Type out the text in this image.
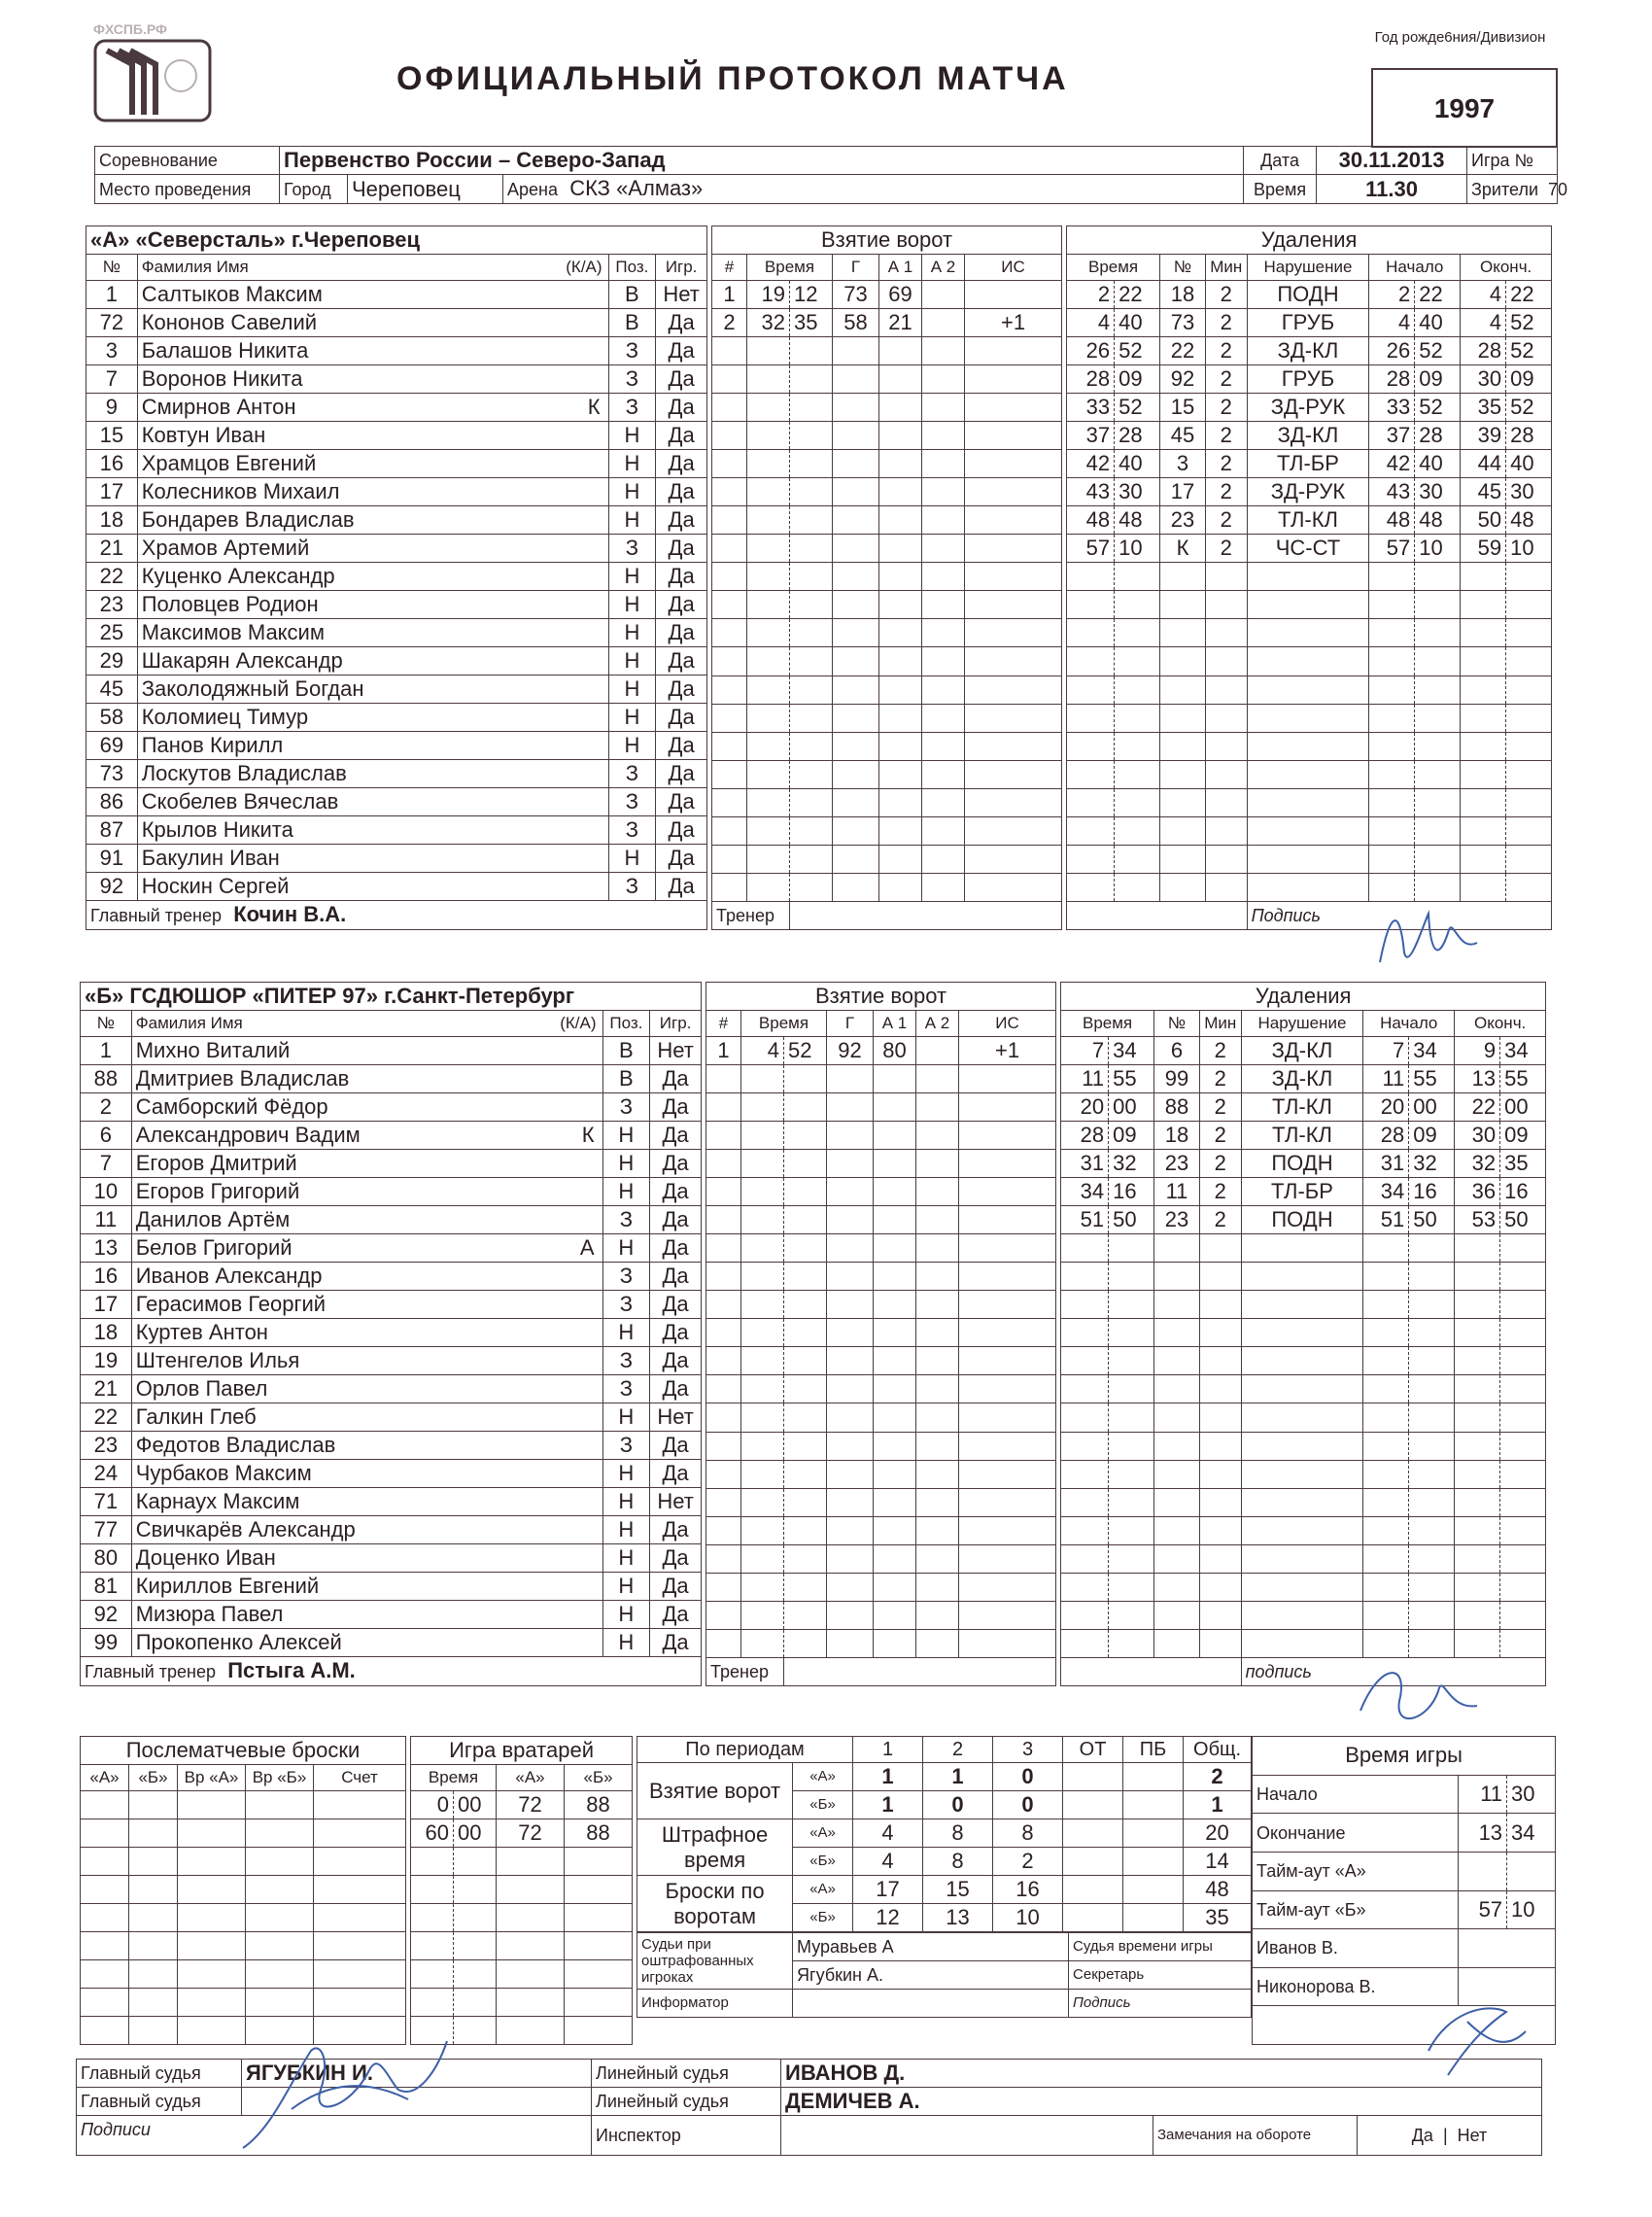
ФХСПБ.РФ
ОФИЦИАЛЬНЫЙ ПРОТОКОЛ МАТЧА
Год рожде6ния/Дивизион
1997
Соревнование	Первенство России – Северо-Запад			Дата	30.11.2013	Игра №
Место проведения	Город	Череповец	Арена СКЗ «Алмаз»	Время	11.30	Зрители 70
«А» «Северсталь» г.Череповец			
№	Фамилия Имя (К/А)	Поз.	Игр.
1	Салтыков Максим	В	Нет
72	Кононов Савелий	В	Да
3	Балашов Никита	З	Да
7	Воронов Никита	З	Да
9	Смирнов Антон К	З	Да
15	Ковтун Иван	Н	Да
16	Храмцов Евгений	Н	Да
17	Колесников Михаил	Н	Да
18	Бондарев Владислав	Н	Да
21	Храмов Артемий	З	Да
22	Куценко Александр	Н	Да
23	Половцев Родион	Н	Да
25	Максимов Максим	Н	Да
29	Шакарян Александр	Н	Да
45	Заколодяжный Богдан	Н	Да
58	Коломиец Тимур	Н	Да
69	Панов Кирилл	Н	Да
73	Лоскутов Владислав	З	Да
86	Скобелев Вячеслав	З	Да
87	Крылов Никита	З	Да
91	Бакулин Иван	Н	Да
92	Носкин Сергей	З	Да
Главный тренер Кочин В.А.			
Взятие ворот						
#	Время		Г	А 1	А 2	ИС
1	19	12	73	69		
2	32	35	58	21		+1

Тренер						
Удаления								
Время		№	Мин	Нарушение	Начало		Оконч.	
2	22	18	2	ПОДН	2	22	4	22
4	40	73	2	ГРУБ	4	40	4	52
26	52	22	2	ЗД-КЛ	26	52	28	52
28	09	92	2	ГРУБ	28	09	30	09
33	52	15	2	ЗД-РУК	33	52	35	52
37	28	45	2	ЗД-КЛ	37	28	39	28
42	40	3	2	ТЛ-БР	42	40	44	40
43	30	17	2	ЗД-РУК	43	30	45	30
48	48	23	2	ТЛ-КЛ	48	48	50	48
57	10	К	2	ЧС-СТ	57	10	59	10

				Подпись				
«Б» ГСДЮШОР «ПИТЕР 97» г.Санкт-Петербург			
№	Фамилия Имя (К/А)	Поз.	Игр.
1	Михно Виталий	В	Нет
88	Дмитриев Владислав	В	Да
2	Самборский Фёдор	З	Да
6	Александрович Вадим К	Н	Да
7	Егоров Дмитрий	Н	Да
10	Егоров Григорий	Н	Да
11	Данилов Артём	З	Да
13	Белов Григорий А	Н	Да
16	Иванов Александр	З	Да
17	Герасимов Георгий	З	Да
18	Куртев Антон	Н	Да
19	Штенгелов Илья	З	Да
21	Орлов Павел	З	Да
22	Галкин Глеб	Н	Нет
23	Федотов Владислав	З	Да
24	Чурбаков Максим	Н	Да
71	Карнаух Максим	Н	Нет
77	Свичкарёв Александр	Н	Да
80	Доценко Иван	Н	Да
81	Кириллов Евгений	Н	Да
92	Мизюра Павел	Н	Да
99	Прокопенко Алексей	Н	Да
Главный тренер Пстыга А.М.			
Взятие ворот						
#	Время		Г	А 1	А 2	ИС
1	4	52	92	80		+1

Тренер						
Удаления								
Время		№	Мин	Нарушение	Начало		Оконч.	
7	34	6	2	ЗД-КЛ	7	34	9	34
11	55	99	2	ЗД-КЛ	11	55	13	55
20	00	88	2	ТЛ-КЛ	20	00	22	00
28	09	18	2	ТЛ-КЛ	28	09	30	09
31	32	23	2	ПОДН	31	32	32	35
34	16	11	2	ТЛ-БР	34	16	36	16
51	50	23	2	ПОДН	51	50	53	50

				подпись				
Послематчевые броски				
«А»	«Б»	Вр «А»	Вр «Б»	Счет

Игра вратарей			
Время		«А»	«Б»
0	00	72	88
60	00	72	88

По периодам		1	2	3	ОТ	ПБ	Общ.
Взятие ворот	«А»	1	1	0			2
	«Б»	1	0	0			1
Штрафное время	«А»	4	8	8			20
	«Б»	4	8	2			14
Броски по воротам	«А»	17	15	16			48
	«Б»	12	13	10			35
Судьи при оштрафованных игроках	Муравьев А	Судья времени игры
	Ягубкин А.	Секретарь
Информатор		Подпись
Время игры		
Начало	11	30
Окончание	13	34
Тайм-аут «А»		
Тайм-аут «Б»	57	10
Иванов В.		
Никонорова В.		

Главный судья	ЯГУБКИН И.	Линейный судья	ИВАНОВ Д.		
Главный судья		Линейный судья	ДЕМИЧЕВ А.		
Подписи		Инспектор		Замечания на обороте	Да | Нет
